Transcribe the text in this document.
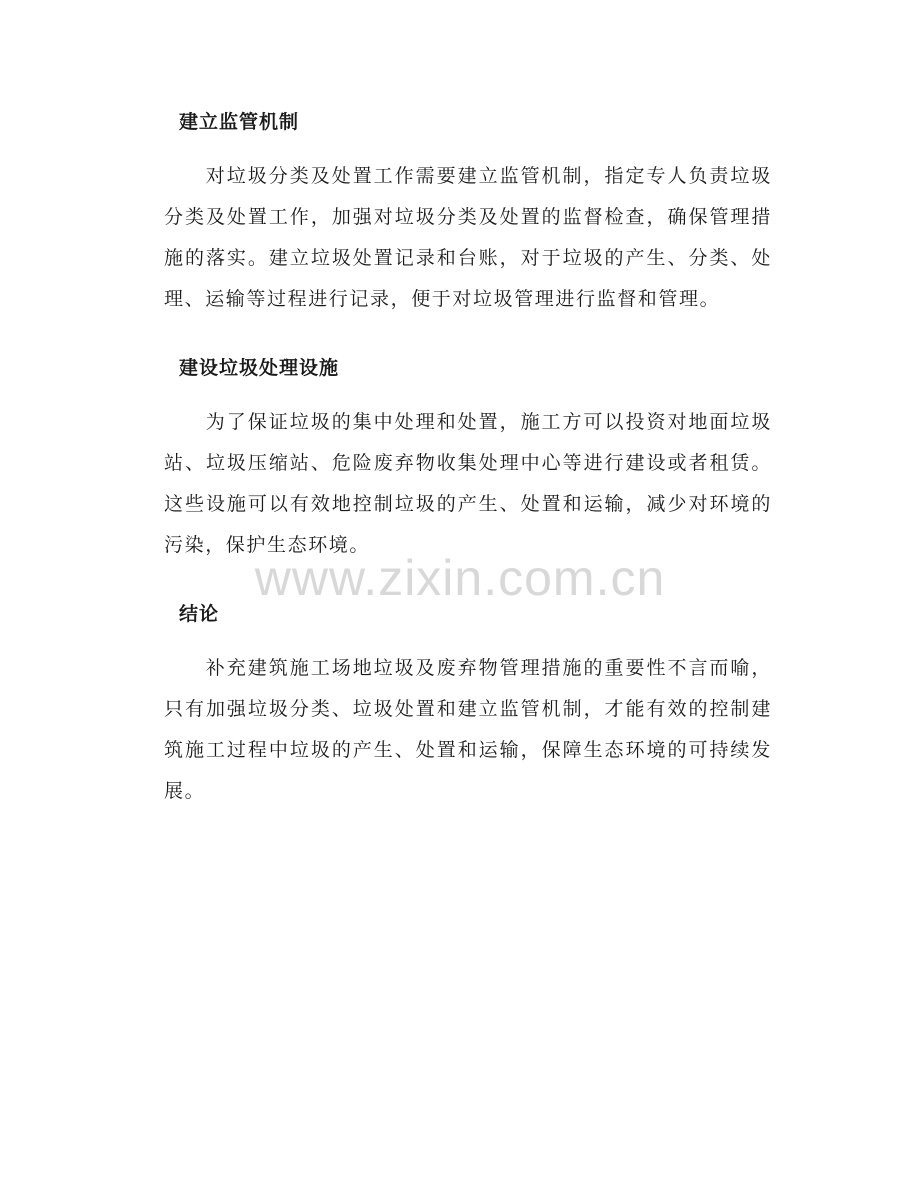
建立监管机制

对垃圾分类及处置工作需要建立监管机制，指定专人负责垃圾分类及处置工作，加强对垃圾分类及处置的监督检查，确保管理措施的落实。建立垃圾处置记录和台账，对于垃圾的产生、分类、处理、运输等过程进行记录，便于对垃圾管理进行监督和管理。

建设垃圾处理设施

为了保证垃圾的集中处理和处置，施工方可以投资对地面垃圾站、垃圾压缩站、危险废弃物收集处理中心等进行建设或者租赁。这些设施可以有效地控制垃圾的产生、处置和运输，减少对环境的污染，保护生态环境。

结论

补充建筑施工场地垃圾及废弃物管理措施的重要性不言而喻，只有加强垃圾分类、垃圾处置和建立监管机制，才能有效的控制建筑施工过程中垃圾的产生、处置和运输，保障生态环境的可持续发展。

www.zixin.com.cn
